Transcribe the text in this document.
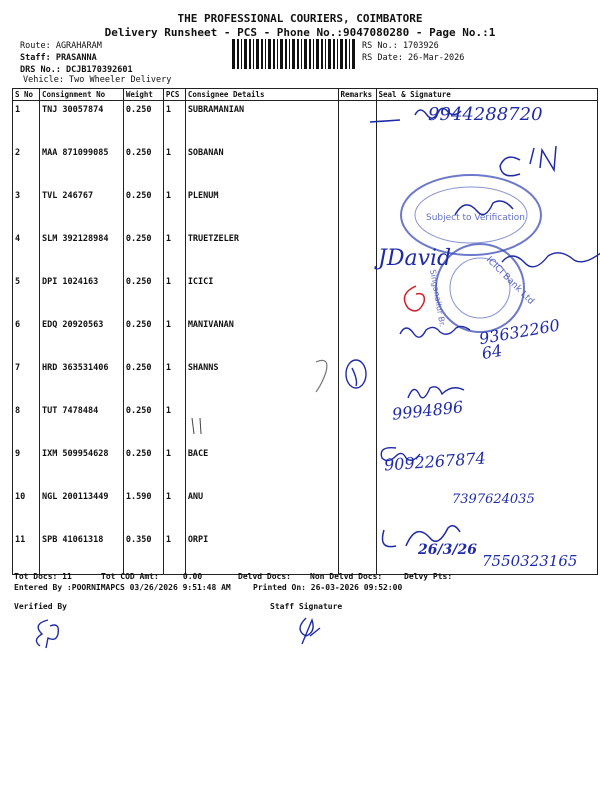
THE PROFESSIONAL COURIERS, COIMBATORE
Delivery Runsheet - PCS - Phone No.:9047080280 - Page No.:1
Route: AGRAHARAM
Staff: PRASANNA
DRS No.: DCJB170392601
Vehicle: Two Wheeler Delivery
RS No.: 1703926
RS Date: 26-Mar-2026
S No	Consignment No	Weight	PCS	Consignee Details	Remarks	Seal & Signature
1	TNJ 30057874	0.250	1	SUBRAMANIAN		
2	MAA 871099085	0.250	1	SOBANAN		
3	TVL 246767	0.250	1	PLENUM		
4	SLM 392128984	0.250	1	TRUETZELER		
5	DPI 1024163	0.250	1	ICICI		
6	EDQ 20920563	0.250	1	MANIVANAN		
7	HRD 363531406	0.250	1	SHANNS		
8	TUT 7478484	0.250	1			
9	IXM 509954628	0.250	1	BACE		
10	NGL 200113449	1.590	1	ANU		
11	SPB 41061318	0.350	1	ORPI		
Subject to Verification
ICICI Bank Ltd
Singanallur Br.
9944288720
JDavid
9363226064
9994896
9092267874
7397624035
26/3/26
7550323165
Tot Docs: 11	Tot COD Amt:     0.00	Delvd Docs: Non Delvd Docs:	Delvy Pts:
Entered By :POORNIMAPCS 03/26/2026 9:51:48 AM	Printed On: 26-03-2026 09:52:00
Verified By	Staff Signature
